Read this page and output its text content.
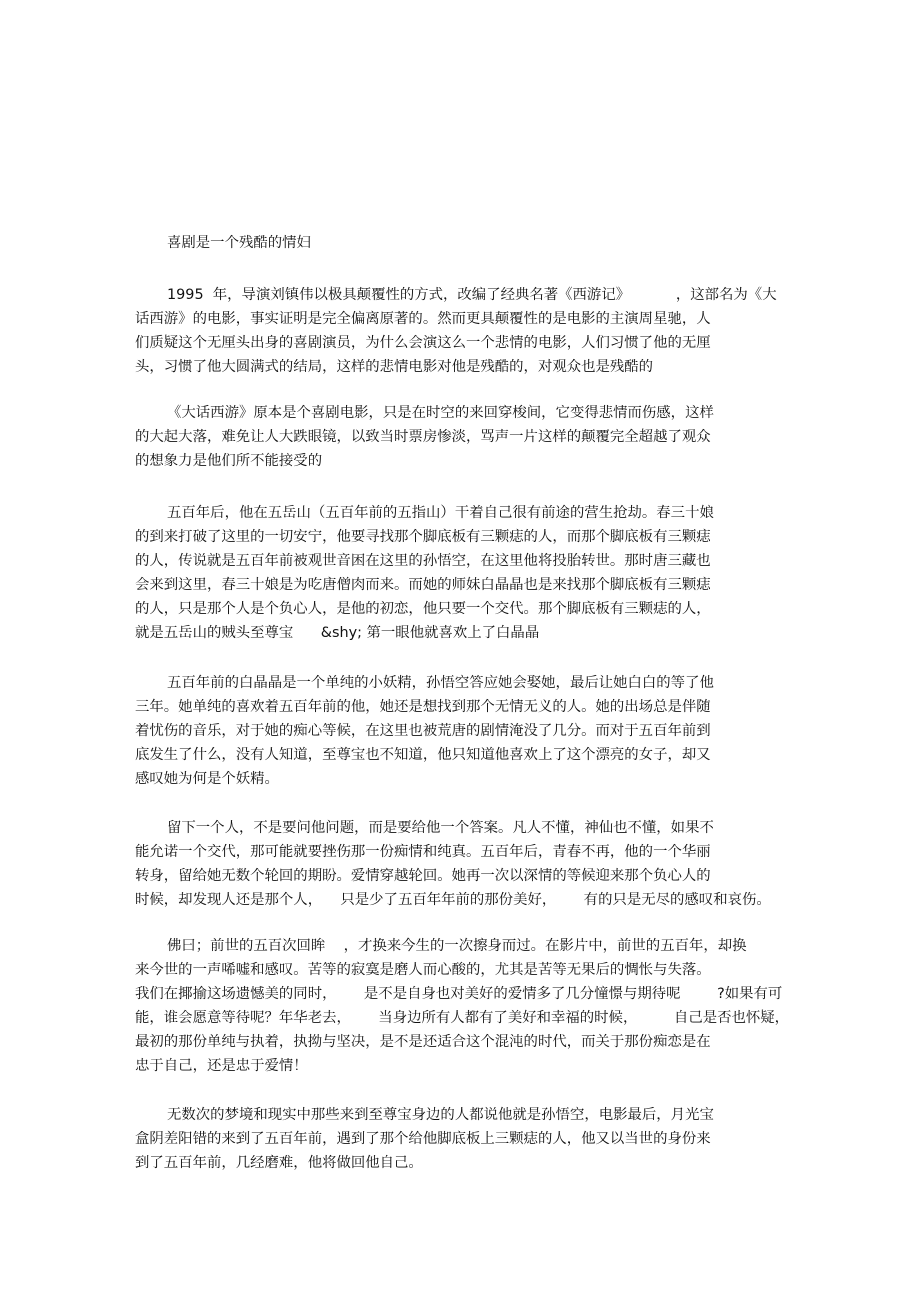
喜剧是一个残酷的情妇
1995  年，导演刘镇伟以极具颠覆性的方式，改编了经典名著《西游记》          ，这部名为《大
话西游》的电影，事实证明是完全偏离原著的。然而更具颠覆性的是电影的主演周星驰，人
们质疑这个无厘头出身的喜剧演员，为什么会演这么一个悲情的电影，人们习惯了他的无厘
头，习惯了他大圆满式的结局，这样的悲情电影对他是残酷的，对观众也是残酷的
《大话西游》原本是个喜剧电影，只是在时空的来回穿梭间，它变得悲情而伤感，这样
的大起大落，难免让人大跌眼镜，以致当时票房惨淡，骂声一片这样的颠覆完全超越了观众
的想象力是他们所不能接受的
五百年后，他在五岳山（五百年前的五指山）干着自己很有前途的营生抢劫。春三十娘
的到来打破了这里的一切安宁，他要寻找那个脚底板有三颗痣的人，而那个脚底板有三颗痣
的人，传说就是五百年前被观世音困在这里的孙悟空，在这里他将投胎转世。那时唐三藏也
会来到这里，春三十娘是为吃唐僧肉而来。而她的师妹白晶晶也是来找那个脚底板有三颗痣
的人，只是那个人是个负心人，是他的初恋，他只要一个交代。那个脚底板有三颗痣的人，
就是五岳山的贼头至尊宝      &shy; 第一眼他就喜欢上了白晶晶
五百年前的白晶晶是一个单纯的小妖精，孙悟空答应她会娶她，最后让她白白的等了他
三年。她单纯的喜欢着五百年前的他，她还是想找到那个无情无义的人。她的出场总是伴随
着忧伤的音乐，对于她的痴心等候，在这里也被荒唐的剧情淹没了几分。而对于五百年前到
底发生了什么，没有人知道，至尊宝也不知道，他只知道他喜欢上了这个漂亮的女子，却又
感叹她为何是个妖精。
留下一个人，不是要问他问题，而是要给他一个答案。凡人不懂，神仙也不懂，如果不
能允诺一个交代，那可能就要挫伤那一份痴情和纯真。五百年后，青春不再，他的一个华丽
转身，留给她无数个轮回的期盼。爱情穿越轮回。她再一次以深情的等候迎来那个负心人的
时候，却发现人还是那个人，    只是少了五百年年前的那份美好，      有的只是无尽的感叹和哀伤。
佛曰；前世的五百次回眸    ，才换来今生的一次擦身而过。在影片中，前世的五百年，却换
来今世的一声唏嘘和感叹。苦等的寂寞是磨人而心酸的，尤其是苦等无果后的惆怅与失落。
我们在揶揄这场遗憾美的同时，      是不是自身也对美好的爱情多了几分憧憬与期待呢        ?如果有可
能，谁会愿意等待呢？年华老去，      当身边所有人都有了美好和幸福的时候，        自己是否也怀疑，
最初的那份单纯与执着，执拗与坚决，是不是还适合这个混沌的时代，而关于那份痴恋是在
忠于自己，还是忠于爱情！
无数次的梦境和现实中那些来到至尊宝身边的人都说他就是孙悟空，电影最后，月光宝
盒阴差阳错的来到了五百年前，遇到了那个给他脚底板上三颗痣的人，他又以当世的身份来
到了五百年前，几经磨难，他将做回他自己。
